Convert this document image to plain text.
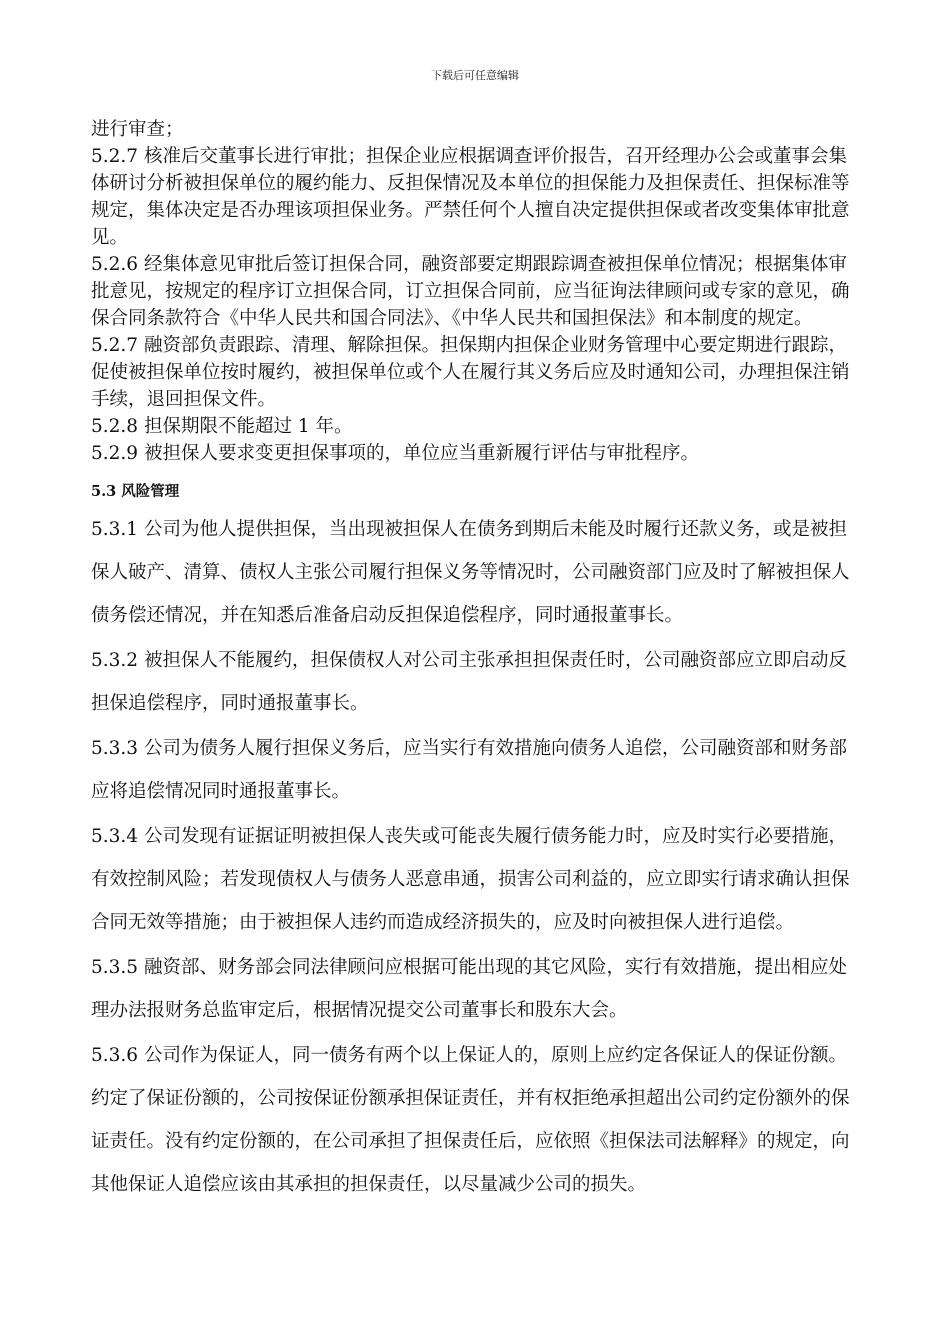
下载后可任意编辑

进行审查；

5.2.7 核准后交董事长进行审批；担保企业应根据调查评价报告，召开经理办公会或董事会集体研讨分析被担保单位的履约能力、反担保情况及本单位的担保能力及担保责任、担保标准等规定，集体决定是否办理该项担保业务。严禁任何个人擅自决定提供担保或者改变集体审批意见。

5.2.6 经集体意见审批后签订担保合同，融资部要定期跟踪调查被担保单位情况；根据集体审批意见，按规定的程序订立担保合同，订立担保合同前，应当征询法律顾问或专家的意见，确保合同条款符合《中华人民共和国合同法》、《中华人民共和国担保法》和本制度的规定。

5.2.7 融资部负责跟踪、清理、解除担保。担保期内担保企业财务管理中心要定期进行跟踪，促使被担保单位按时履约，被担保单位或个人在履行其义务后应及时通知公司，办理担保注销手续，退回担保文件。

5.2.8 担保期限不能超过 1 年。

5.2.9 被担保人要求变更担保事项的，单位应当重新履行评估与审批程序。

5.3 风险管理

5.3.1 公司为他人提供担保，当出现被担保人在债务到期后未能及时履行还款义务，或是被担保人破产、清算、债权人主张公司履行担保义务等情况时，公司融资部门应及时了解被担保人债务偿还情况，并在知悉后准备启动反担保追偿程序，同时通报董事长。

5.3.2 被担保人不能履约，担保债权人对公司主张承担担保责任时，公司融资部应立即启动反担保追偿程序，同时通报董事长。

5.3.3 公司为债务人履行担保义务后，应当实行有效措施向债务人追偿，公司融资部和财务部应将追偿情况同时通报董事长。

5.3.4 公司发现有证据证明被担保人丧失或可能丧失履行债务能力时，应及时实行必要措施，有效控制风险；若发现债权人与债务人恶意串通，损害公司利益的，应立即实行请求确认担保合同无效等措施；由于被担保人违约而造成经济损失的，应及时向被担保人进行追偿。

5.3.5 融资部、财务部会同法律顾问应根据可能出现的其它风险，实行有效措施，提出相应处理办法报财务总监审定后，根据情况提交公司董事长和股东大会。

5.3.6 公司作为保证人，同一债务有两个以上保证人的，原则上应约定各保证人的保证份额。约定了保证份额的，公司按保证份额承担保证责任，并有权拒绝承担超出公司约定份额外的保证责任。没有约定份额的，在公司承担了担保责任后，应依照《担保法司法解释》的规定，向其他保证人追偿应该由其承担的担保责任，以尽量减少公司的损失。
